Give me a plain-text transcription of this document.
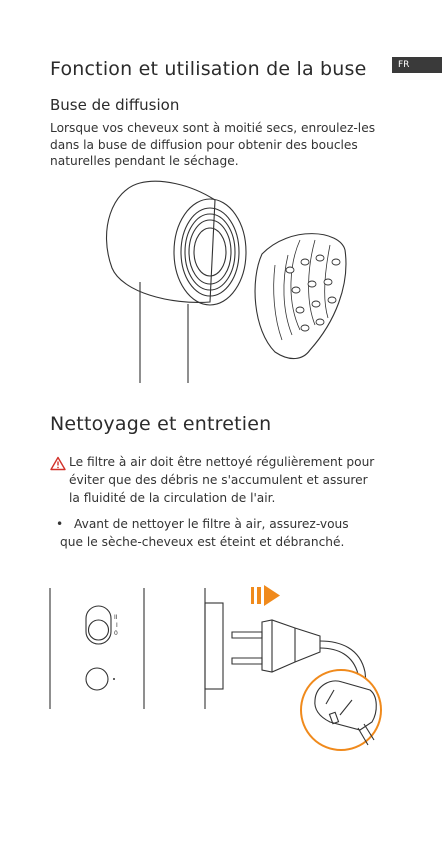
FR
Fonction et utilisation de la buse
Buse de diffusion
Lorsque vos cheveux sont à moitié secs, enroulez-les
dans la buse de diffusion pour obtenir des boucles
naturelles pendant le séchage.
Nettoyage et entretien
Le filtre à air doit être nettoyé régulièrement pour
éviter que des débris ne s'accumulent et assurer
la fluidité de la circulation de l'air.
• Avant de nettoyer le filtre à air, assurez-vous
que le sèche-cheveux est éteint et débranché.
II
I
0
